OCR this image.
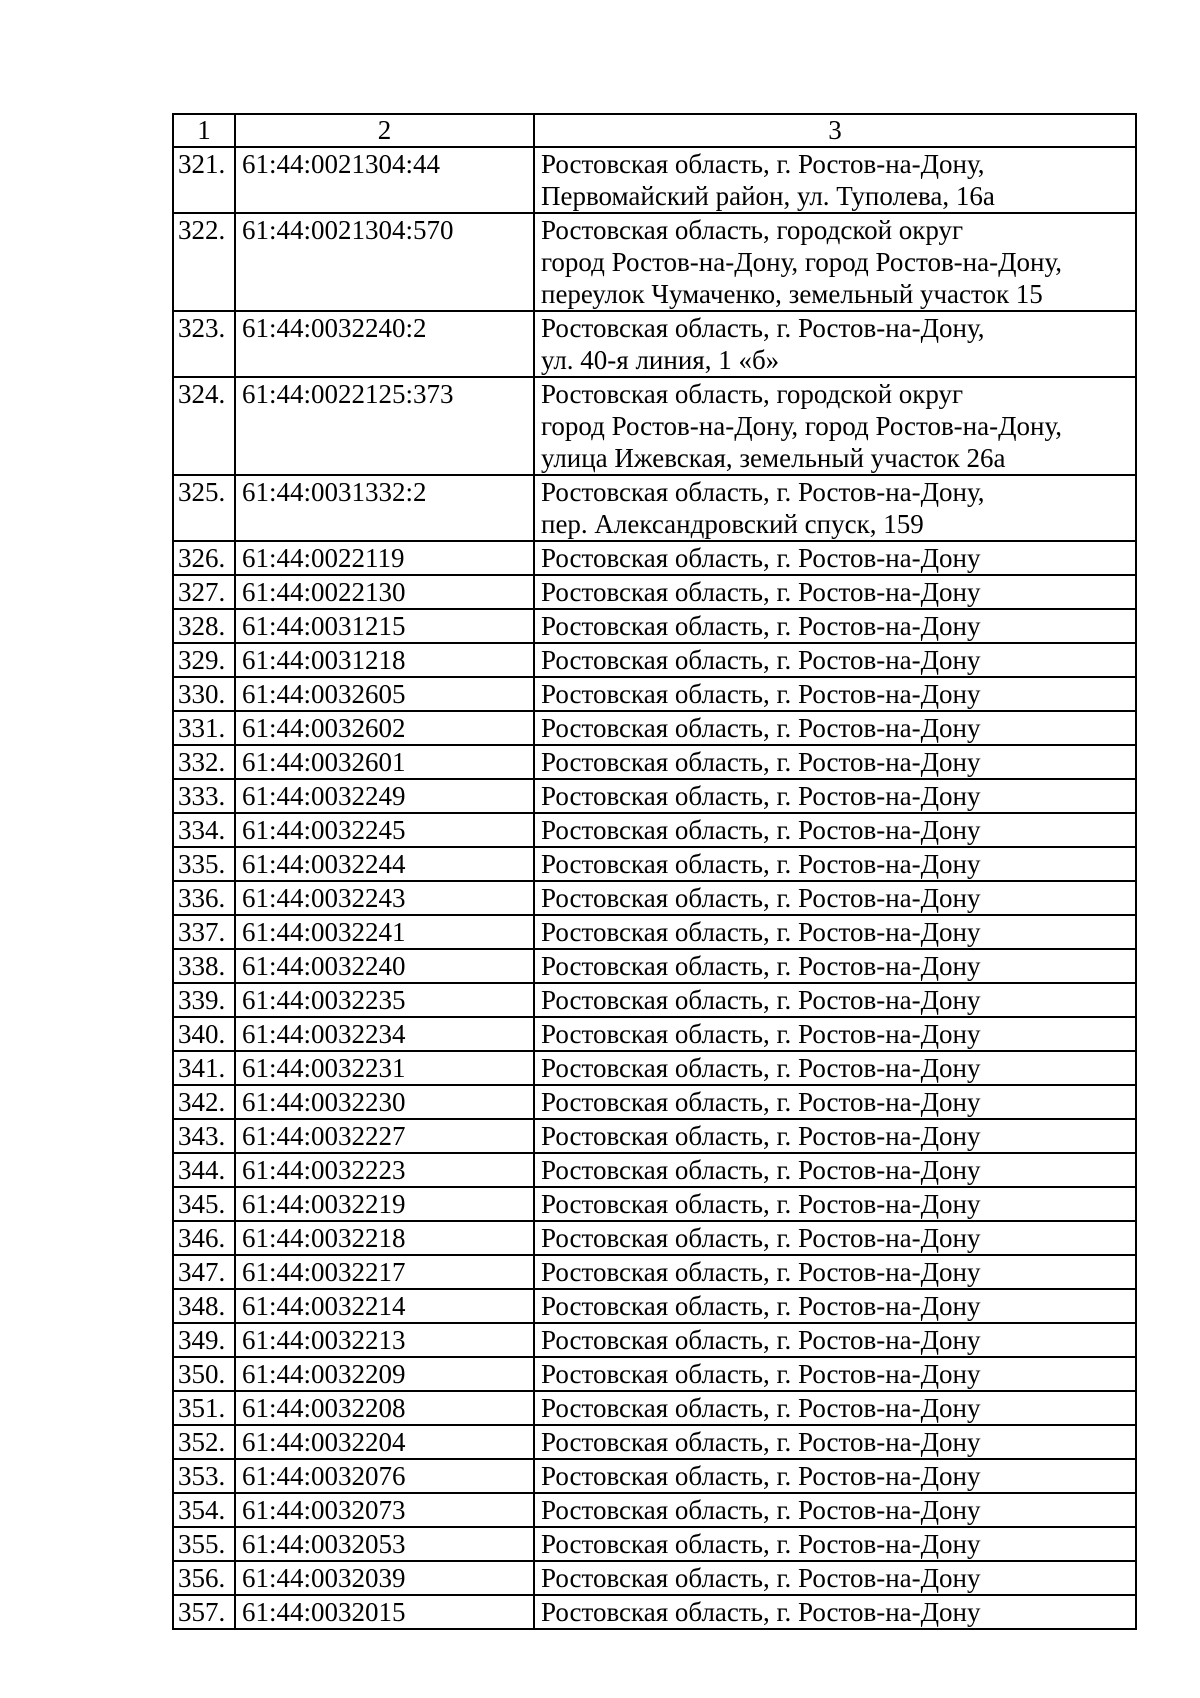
1	2	3
321.	61:44:0021304:44	Ростовская область, г. Ростов-на-Дону,
Первомайский район, ул. Туполева, 16а

322.	61:44:0021304:570	Ростовская область, городской округ
город Ростов-на-Дону, город Ростов-на-Дону,
переулок Чумаченко, земельный участок 15

323.	61:44:0032240:2	Ростовская область, г. Ростов-на-Дону,
ул. 40-я линия, 1 «б»

324.	61:44:0022125:373	Ростовская область, городской округ
город Ростов-на-Дону, город Ростов-на-Дону,
улица Ижевская, земельный участок 26а

325.	61:44:0031332:2	Ростовская область, г. Ростов-на-Дону,
пер. Александровский спуск, 159

326.	61:44:0022119	Ростовская область, г. Ростов-на-Дону

327.	61:44:0022130	Ростовская область, г. Ростов-на-Дону

328.	61:44:0031215	Ростовская область, г. Ростов-на-Дону

329.	61:44:0031218	Ростовская область, г. Ростов-на-Дону

330.	61:44:0032605	Ростовская область, г. Ростов-на-Дону

331.	61:44:0032602	Ростовская область, г. Ростов-на-Дону

332.	61:44:0032601	Ростовская область, г. Ростов-на-Дону

333.	61:44:0032249	Ростовская область, г. Ростов-на-Дону

334.	61:44:0032245	Ростовская область, г. Ростов-на-Дону

335.	61:44:0032244	Ростовская область, г. Ростов-на-Дону

336.	61:44:0032243	Ростовская область, г. Ростов-на-Дону

337.	61:44:0032241	Ростовская область, г. Ростов-на-Дону

338.	61:44:0032240	Ростовская область, г. Ростов-на-Дону

339.	61:44:0032235	Ростовская область, г. Ростов-на-Дону

340.	61:44:0032234	Ростовская область, г. Ростов-на-Дону

341.	61:44:0032231	Ростовская область, г. Ростов-на-Дону

342.	61:44:0032230	Ростовская область, г. Ростов-на-Дону

343.	61:44:0032227	Ростовская область, г. Ростов-на-Дону

344.	61:44:0032223	Ростовская область, г. Ростов-на-Дону

345.	61:44:0032219	Ростовская область, г. Ростов-на-Дону

346.	61:44:0032218	Ростовская область, г. Ростов-на-Дону

347.	61:44:0032217	Ростовская область, г. Ростов-на-Дону

348.	61:44:0032214	Ростовская область, г. Ростов-на-Дону

349.	61:44:0032213	Ростовская область, г. Ростов-на-Дону

350.	61:44:0032209	Ростовская область, г. Ростов-на-Дону

351.	61:44:0032208	Ростовская область, г. Ростов-на-Дону

352.	61:44:0032204	Ростовская область, г. Ростов-на-Дону

353.	61:44:0032076	Ростовская область, г. Ростов-на-Дону

354.	61:44:0032073	Ростовская область, г. Ростов-на-Дону

355.	61:44:0032053	Ростовская область, г. Ростов-на-Дону

356.	61:44:0032039	Ростовская область, г. Ростов-на-Дону

357.	61:44:0032015	Ростовская область, г. Ростов-на-Дону
